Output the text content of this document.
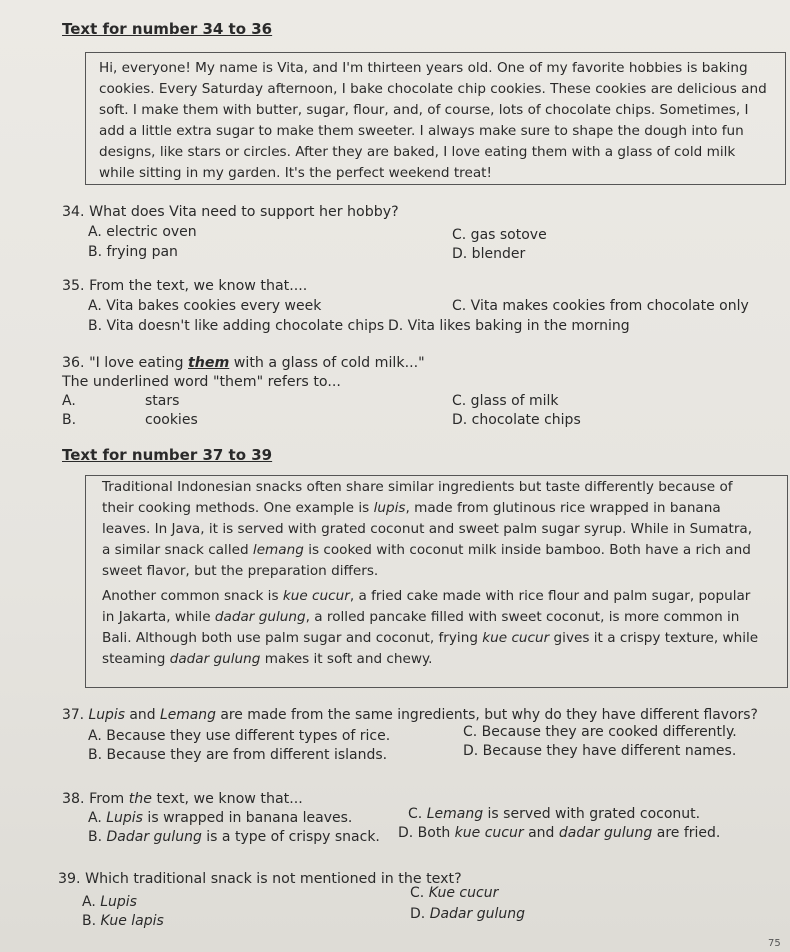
Text for number 34 to 36
Hi, everyone! My name is Vita, and I'm thirteen years old. One of my favorite hobbies is baking
cookies. Every Saturday afternoon, I bake chocolate chip cookies. These cookies are delicious and
soft. I make them with butter, sugar, flour, and, of course, lots of chocolate chips. Sometimes, I
add a little extra sugar to make them sweeter. I always make sure to shape the dough into fun
designs, like stars or circles. After they are baked, I love eating them with a glass of cold milk
while sitting in my garden. It's the perfect weekend treat!
34. What does Vita need to support her hobby?
A. electric oven
B. frying pan
C. gas sotove
D. blender
35. From the text, we know that....
A. Vita bakes cookies every week	C. Vita makes cookies from chocolate only
B. Vita doesn't like adding chocolate chips D. Vita likes baking in the morning
36. "I love eating them with a glass of cold milk..."
The underlined word "them" refers to...
A.	stars	C. glass of milk
B.	cookies	D. chocolate chips
Text for number 37 to 39
Traditional Indonesian snacks often share similar ingredients but taste differently because of
their cooking methods. One example is lupis, made from glutinous rice wrapped in banana
leaves. In Java, it is served with grated coconut and sweet palm sugar syrup. While in Sumatra,
a similar snack called lemang is cooked with coconut milk inside bamboo. Both have a rich and
sweet flavor, but the preparation differs.
Another common snack is kue cucur, a fried cake made with rice flour and palm sugar, popular
in Jakarta, while dadar gulung, a rolled pancake filled with sweet coconut, is more common in
Bali. Although both use palm sugar and coconut, frying kue cucur gives it a crispy texture, while
steaming dadar gulung makes it soft and chewy.
37. Lupis and Lemang are made from the same ingredients, but why do they have different flavors?
A. Because they use different types of rice.	C. Because they are cooked differently.
B. Because they are from different islands.	D. Because they have different names.
38. From the text, we know that...
A. Lupis is wrapped in banana leaves.	C. Lemang is served with grated coconut.
B. Dadar gulung is a type of crispy snack. D. Both kue cucur and dadar gulung are fried.
39. Which traditional snack is not mentioned in the text?
A. Lupis
C. Kue cucur
B. Kue lapis	D. Dadar gulung
75
